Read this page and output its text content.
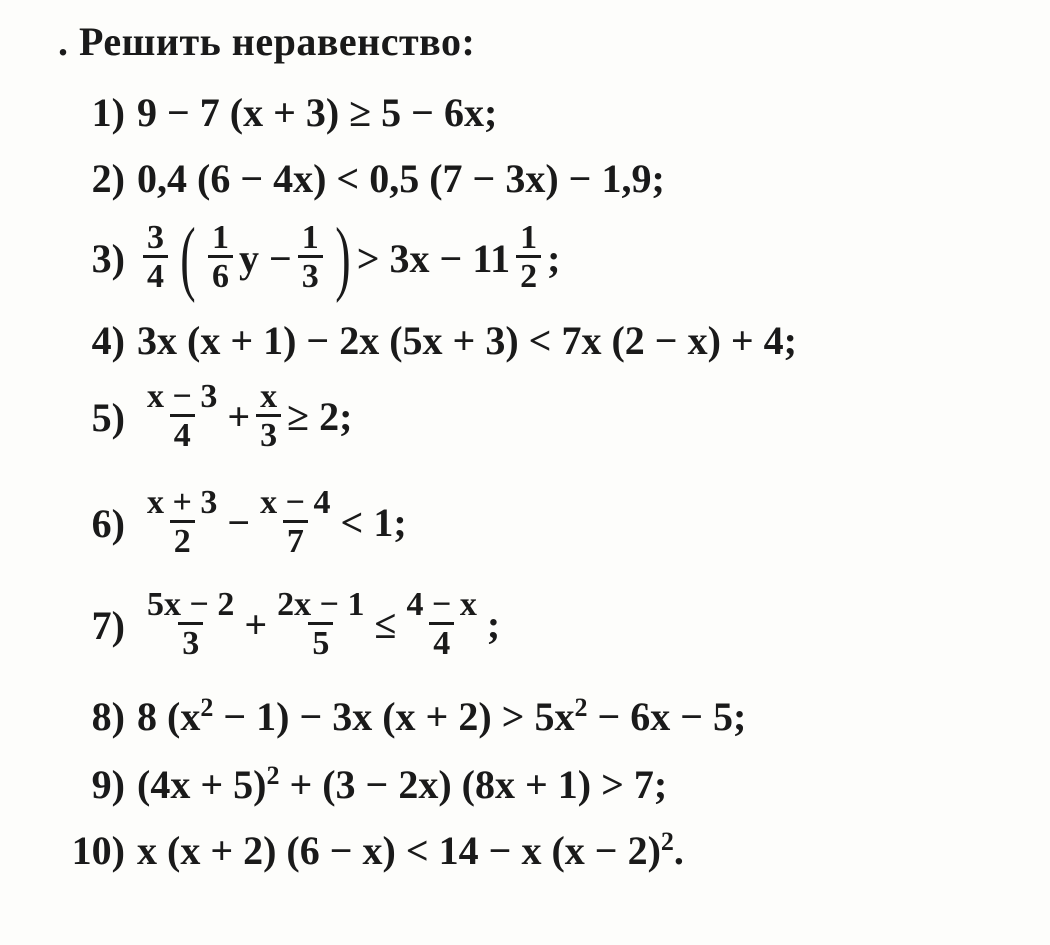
. Решить неравенство:
1) 9 − 7 (x + 3) ≥ 5 − 6x;
2) 0,4 (6 − 4x) < 0,5 (7 − 3x) − 1,9;
$3) \frac{3}{4}$ ( $\frac{1}{6}$ $y - \frac{1}{3}$ ) > $3x - 11 \frac{1}{2}$ ;
4) 3x (x + 1) − 2x (5x + 3) < 7x (2 − x) + 4;
$5) \frac{x - 3}{4} + \frac{x}{3} \ge 2$;
$6) \frac{x + 3}{2} - \frac{x - 4}{7} < 1$;
$7) \frac{5x - 2}{3} + \frac{2x - 1}{5} \le \frac{4 - x}{4}$ ;
8) 8 (x 2 − 1) − 3x (x + 2) > 5x 2 − 6x − 5;
9) (4x + 5) 2 + (3 − 2x) (8x + 1) > 7;
10) x (x + 2) (6 − x) < 14 − x (x − 2) 2 .
